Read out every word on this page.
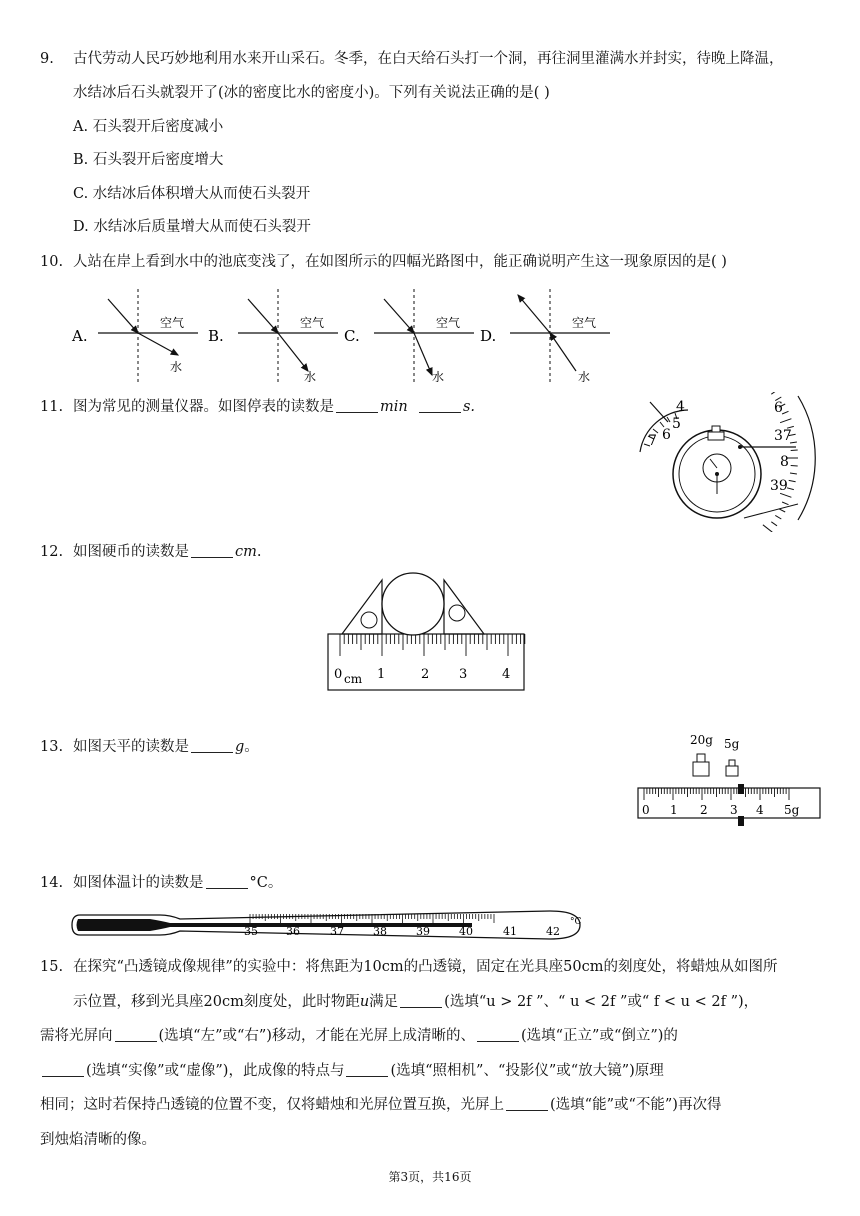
9.	古代劳动人民巧妙地利用水来开山采石。冬季，在白天给石头打一个洞，再往洞里灌满水并封实，待晚上降温，
水结冰后石头就裂开了(冰的密度比水的密度小)。下列有关说法正确的是( )
A. 石头裂开后密度减小
B. 石头裂开后密度增大
C. 水结冰后体积增大从而使石头裂开
D. 水结冰后质量增大从而使石头裂开
10. 人站在岸上看到水中的池底变浅了，在如图所示的四幅光路图中，能正确说明产生这一现象原因的是( )
A.
空气
水
B.
空气
水
C.
空气
水
D.
空气
水
11. 图为常见的测量仪器。如图停表的读数是	min	s.	4
5
6
7
6
37
8
39
12. 如图硬币的读数是	cm.
0 cm 1	2 3	4
13. 如图天平的读数是	g。	20g 5g
0 1 2 3 4 5g
14. 如图体温计的读数是	°C。
°C
35	36	37	38	39	40	41	42
15. 在探究“凸透镜成像规律”的实验中：将焦距为10cm的凸透镜，固定在光具座50cm的刻度处，将蜡烛从如图所
示位置，移到光具座20cm刻度处，此时物距u满足	(选填“u > 2f ”、“ u < 2f ”或“ f < u < 2f ”)，
需将光屏向	(选填“左”或“右”)移动，才能在光屏上成清晰的、	(选填“正立”或“倒立”)的
(选填“实像”或“虚像”)，此成像的特点与	(选填“照相机”、“投影仪”或“放大镜”)原理
相同；这时若保持凸透镜的位置不变，仅将蜡烛和光屏位置互换，光屏上	(选填“能”或“不能”)再次得
到烛焰清晰的像。
第3页，共16页
